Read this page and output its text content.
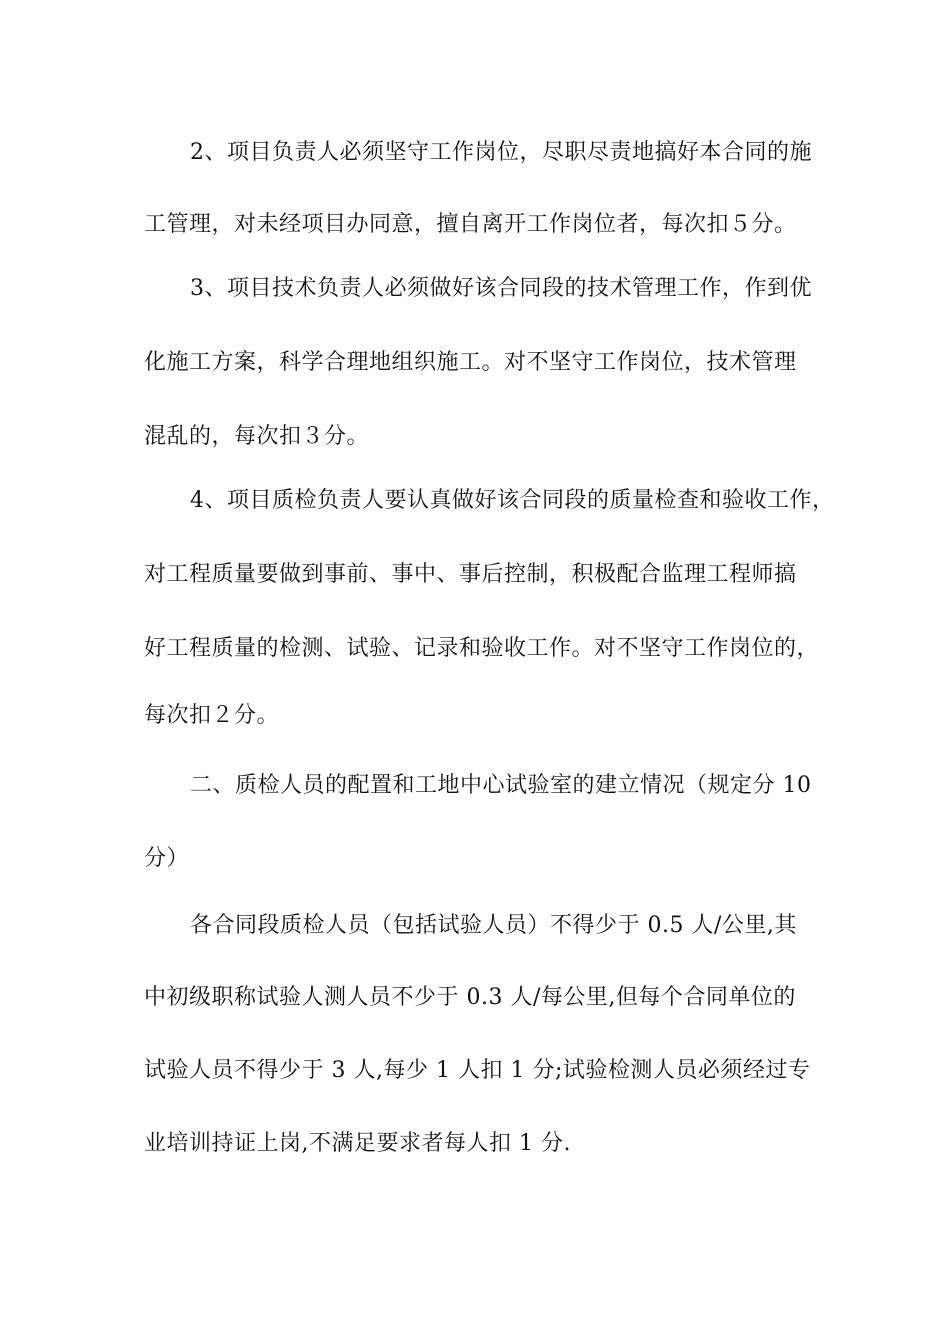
2、项目负责人必须坚守工作岗位，尽职尽责地搞好本合同的施
工管理，对未经项目办同意，擅自离开工作岗位者，每次扣５分。
3、项目技术负责人必须做好该合同段的技术管理工作，作到优
化施工方案，科学合理地组织施工。对不坚守工作岗位，技术管理
混乱的，每次扣３分。
4、项目质检负责人要认真做好该合同段的质量检查和验收工作，
对工程质量要做到事前、事中、事后控制，积极配合监理工程师搞
好工程质量的检测、试验、记录和验收工作。对不坚守工作岗位的，
每次扣２分。
二、质检人员的配置和工地中心试验室的建立情况（规定分 10
分）
各合同段质检人员（包括试验人员）不得少于 0.5 人/公里,其
中初级职称试验人测人员不少于 0.3 人/每公里,但每个合同单位的
试验人员不得少于 3 人,每少 1 人扣 1 分;试验检测人员必须经过专
业培训持证上岗,不满足要求者每人扣 1 分.
